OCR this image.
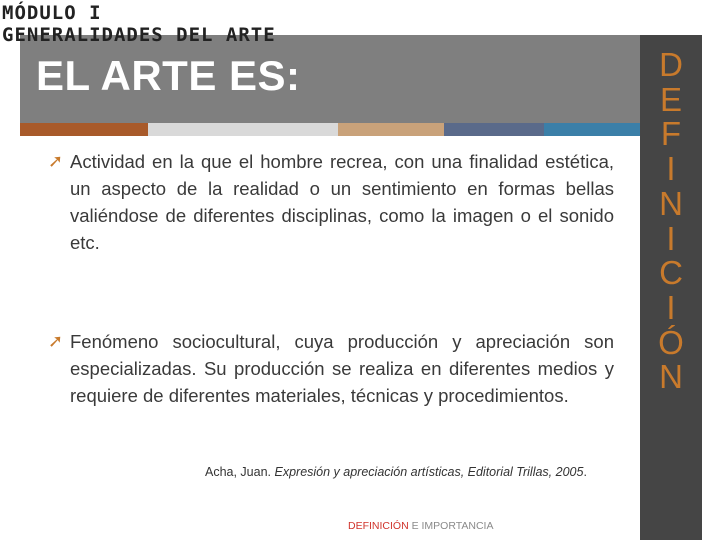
MÓDULO I
GENERALIDADES DEL ARTE
EL ARTE ES:	D
E
F
I
N
I
C
I
Ó
N
➚ Actividad en la que el hombre recrea, con una finalidad estética, un aspecto de la realidad o un sentimiento en formas bellas valiéndose de diferentes disciplinas, como la imagen o el sonido etc.
➚ Fenómeno sociocultural, cuya producción y apreciación son especializadas. Su producción se realiza en diferentes medios y requiere de diferentes materiales, técnicas y procedimientos.
Acha, Juan. Expresión y apreciación artísticas, Editorial Trillas, 2005.
DEFINICIÓN E IMPORTANCIA
